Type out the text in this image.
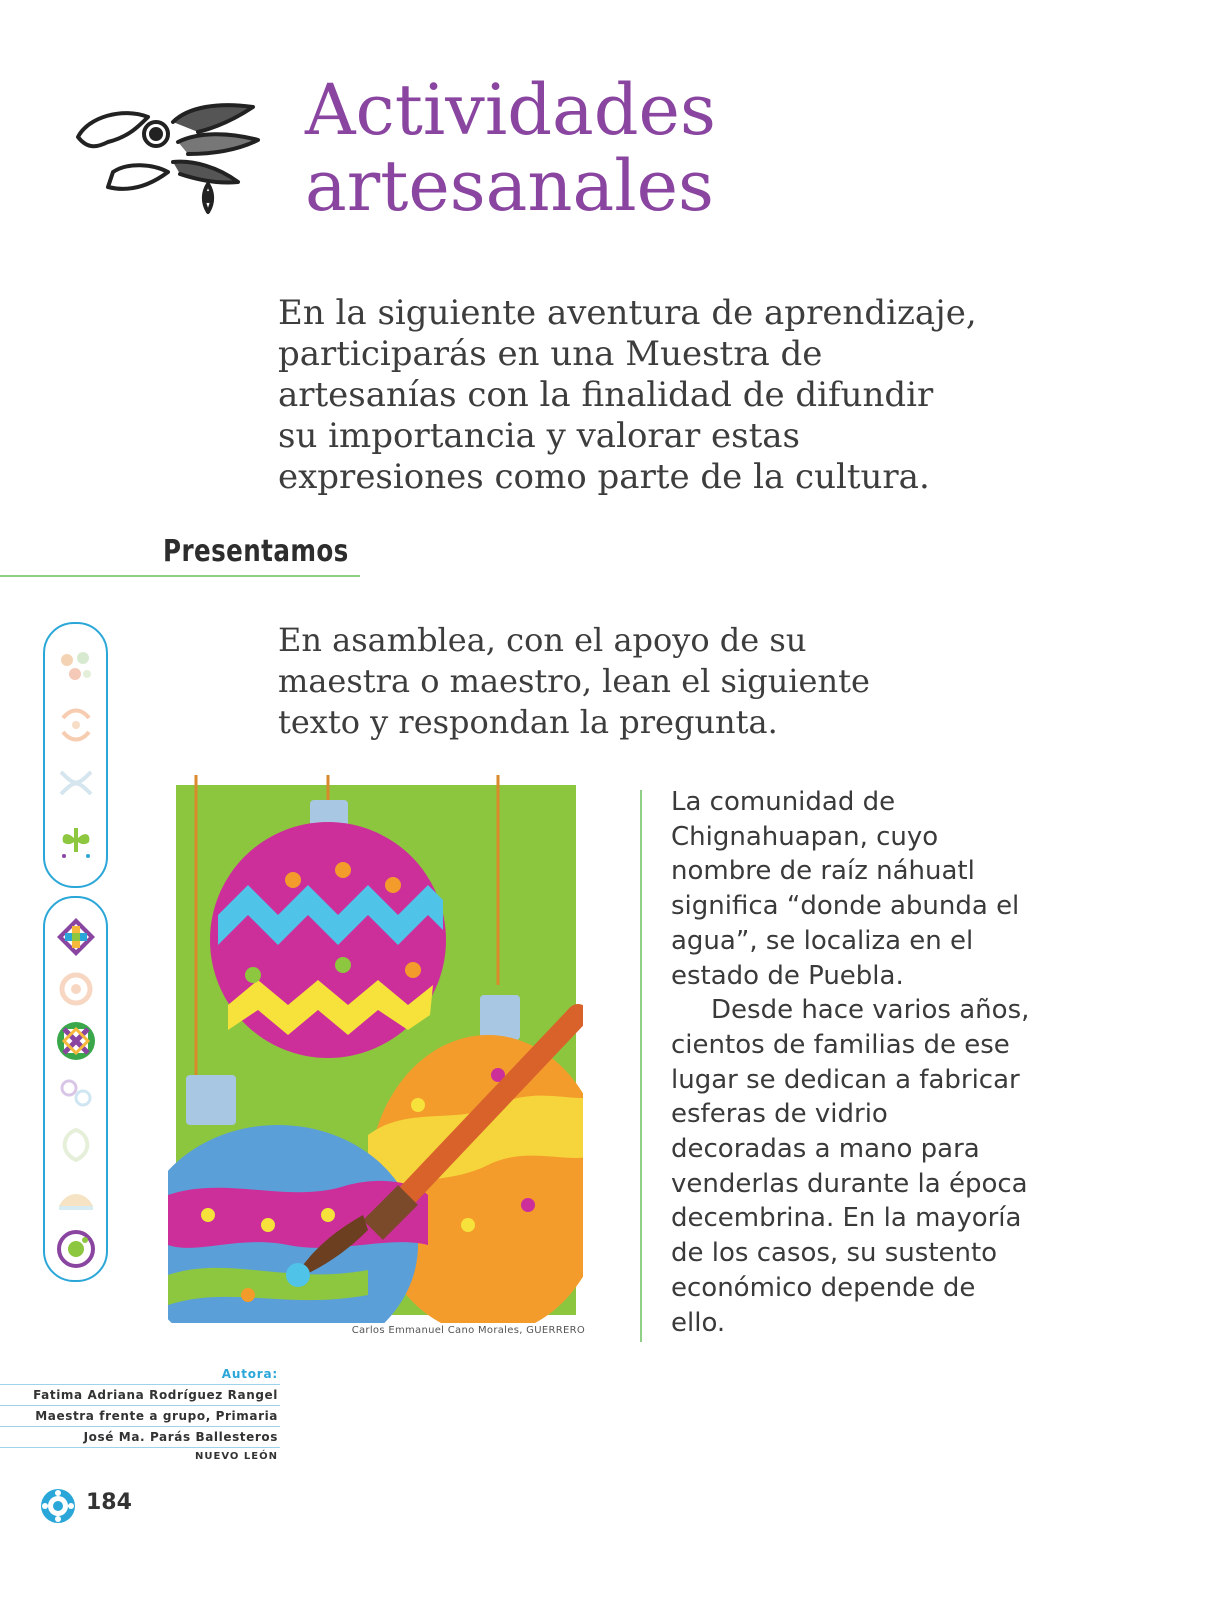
Actividades
artesanales

En la siguiente aventura de aprendizaje, participarás en una Muestra de artesanías con la finalidad de difundir su importancia y valorar estas expresiones como parte de la cultura.

Presentamos

En asamblea, con el apoyo de su maestra o maestro, lean el siguiente texto y respondan la pregunta.

Carlos Emmanuel Cano Morales, GUERRERO

La comunidad de Chignahuapan, cuyo nombre de raíz náhuatl significa “donde abunda el agua”, se localiza en el estado de Puebla.

Desde hace varios años, cientos de familias de ese lugar se dedican a fabricar esferas de vidrio decoradas a mano para venderlas durante la época decembrina. En la mayoría de los casos, su sustento económico depende de ello.

Autora:
Fatima Adriana Rodríguez Rangel
Maestra frente a grupo, Primaria
José Ma. Parás Ballesteros
NUEVO LEÓN
184
